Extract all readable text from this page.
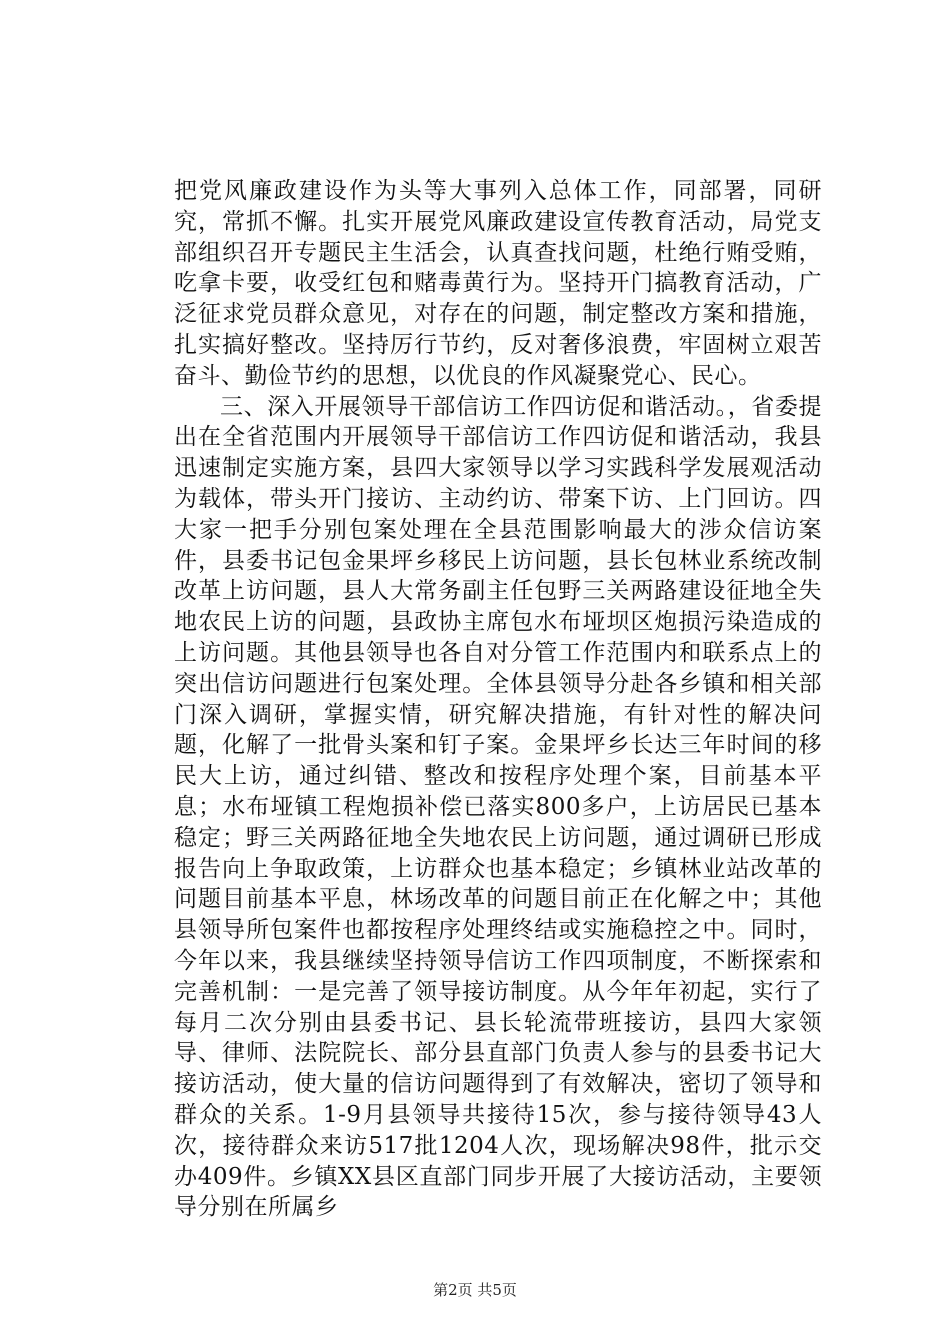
把党风廉政建设作为头等大事列入总体工作，同部署，同研究，常抓不懈。扎实开展党风廉政建设宣传教育活动，局党支部组织召开专题民主生活会，认真查找问题，杜绝行贿受贿，吃拿卡要，收受红包和赌毒黄行为。坚持开门搞教育活动，广泛征求党员群众意见，对存在的问题，制定整改方案和措施，扎实搞好整改。坚持厉行节约，反对奢侈浪费，牢固树立艰苦奋斗、勤俭节约的思想，以优良的作风凝聚党心、民心。

三、深入开展领导干部信访工作四访促和谐活动。，省委提出在全省范围内开展领导干部信访工作四访促和谐活动，我县迅速制定实施方案，县四大家领导以学习实践科学发展观活动为载体，带头开门接访、主动约访、带案下访、上门回访。四大家一把手分别包案处理在全县范围影响最大的涉众信访案件，县委书记包金果坪乡移民上访问题，县长包林业系统改制改革上访问题，县人大常务副主任包野三关两路建设征地全失地农民上访的问题，县政协主席包水布垭坝区炮损污染造成的上访问题。其他县领导也各自对分管工作范围内和联系点上的突出信访问题进行包案处理。全体县领导分赴各乡镇和相关部门深入调研，掌握实情，研究解决措施，有针对性的解决问题，化解了一批骨头案和钉子案。金果坪乡长达三年时间的移民大上访，通过纠错、整改和按程序处理个案，目前基本平息；水布垭镇工程炮损补偿已落实800多户，上访居民已基本稳定；野三关两路征地全失地农民上访问题，通过调研已形成报告向上争取政策，上访群众也基本稳定；乡镇林业站改革的问题目前基本平息，林场改革的问题目前正在化解之中；其他县领导所包案件也都按程序处理终结或实施稳控之中。同时，今年以来，我县继续坚持领导信访工作四项制度，不断探索和完善机制：一是完善了领导接访制度。从今年年初起，实行了每月二次分别由县委书记、县长轮流带班接访，县四大家领导、律师、法院院长、部分县直部门负责人参与的县委书记大接访活动，使大量的信访问题得到了有效解决，密切了领导和群众的关系。1-9月县领导共接待15次，参与接待领导43人次，接待群众来访517批1204人次，现场解决98件，批示交办409件。乡镇XX县区直部门同步开展了大接访活动，主要领导分别在所属乡

第2页 共5页
